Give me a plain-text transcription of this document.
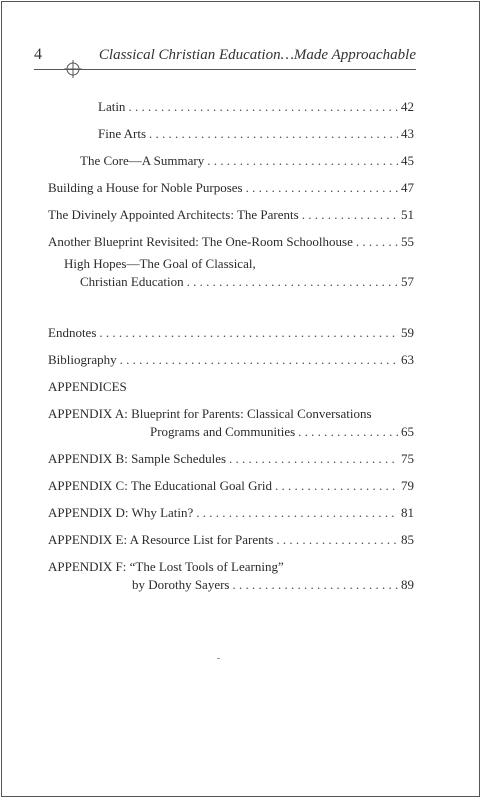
4	Classical Christian Education…Made Approachable
Latin . . .	42
Fine Arts . . .	43
The Core—A Summary . . .	45
Building a House for Noble Purposes . . .	47
The Divinely Appointed Architects: The Parents . . .	51
Another Blueprint Revisited: The One-Room Schoolhouse . . .	55
High Hopes—The Goal of Classical,
Christian Education . . .	57
Endnotes . . .	59
Bibliography . . .	63
APPENDICES
APPENDIX A: Blueprint for Parents: Classical Conversations
Programs and Communities . . .	65
APPENDIX B: Sample Schedules . . .	75
APPENDIX C: The Educational Goal Grid . . .	79
APPENDIX D: Why Latin? . . .	81
APPENDIX E: A Resource List for Parents . . .	85
APPENDIX F: “The Lost Tools of Learning”
by Dorothy Sayers . . .	89
